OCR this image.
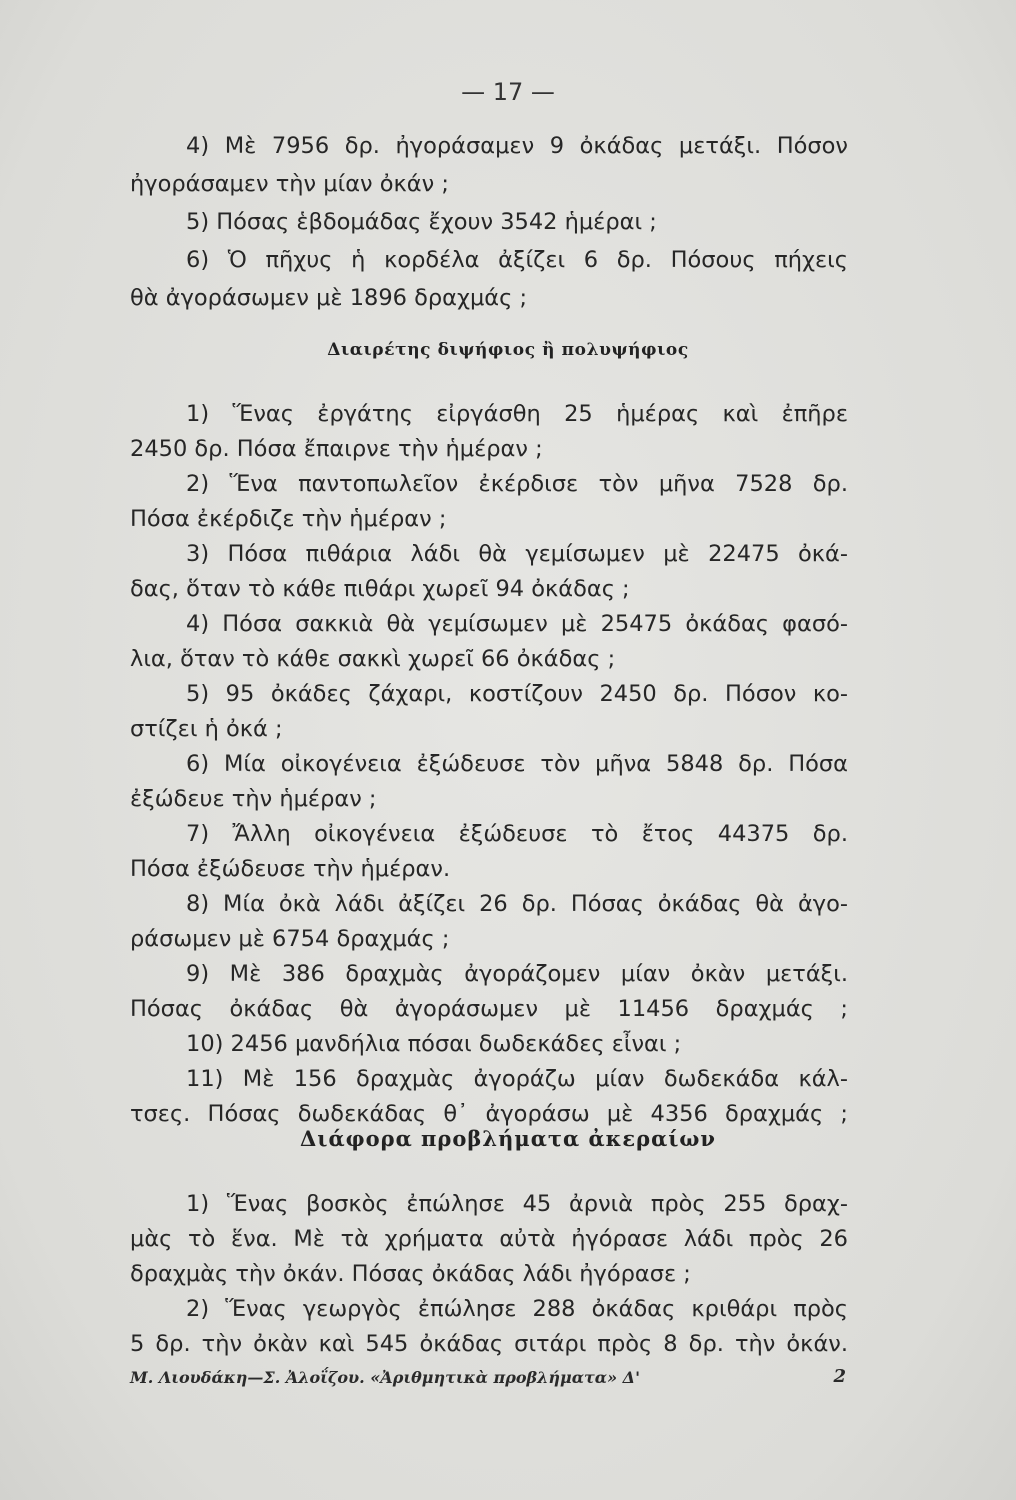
— 17 —
4) Μὲ 7956 δρ. ἠγοράσαμεν 9 ὀκάδας μετάξι. Πόσον
ἠγοράσαμεν τὴν μίαν ὀκάν ;
5) Πόσας ἑβδομάδας ἔχουν 3542 ἡμέραι ;
6) Ὁ πῆχυς ἡ κορδέλα ἀξίζει 6 δρ. Πόσους πήχεις
θὰ ἀγοράσωμεν μὲ 1896 δραχμάς ;
Διαιρέτης διψήφιος ἢ πολυψήφιος
1) Ἕνας ἐργάτης εἰργάσθη 25 ἡμέρας καὶ ἐπῆρε
2450 δρ. Πόσα ἔπαιρνε τὴν ἡμέραν ;
2) Ἕνα παντοπωλεῖον ἐκέρδισε τὸν μῆνα 7528 δρ.
Πόσα ἐκέρδιζε τὴν ἡμέραν ;
3) Πόσα πιθάρια λάδι θὰ γεμίσωμεν μὲ 22475 ὀκά-
δας, ὅταν τὸ κάθε πιθάρι χωρεῖ 94 ὀκάδας ;
4) Πόσα σακκιὰ θὰ γεμίσωμεν μὲ 25475 ὀκάδας φασό-
λια, ὅταν τὸ κάθε σακκὶ χωρεῖ 66 ὀκάδας ;
5) 95 ὀκάδες ζάχαρι, κοστίζουν 2450 δρ. Πόσον κο-
στίζει ἡ ὀκά ;
6) Μία οἰκογένεια ἐξώδευσε τὸν μῆνα 5848 δρ. Πόσα
ἐξώδευε τὴν ἡμέραν ;
7) Ἄλλη οἰκογένεια ἐξώδευσε τὸ ἔτος 44375 δρ.
Πόσα ἐξώδευσε τὴν ἡμέραν.
8) Μία ὀκὰ λάδι ἀξίζει 26 δρ. Πόσας ὀκάδας θὰ ἀγο-
ράσωμεν μὲ 6754 δραχμάς ;
9) Μὲ 386 δραχμὰς ἀγοράζομεν μίαν ὀκὰν μετάξι.
Πόσας ὀκάδας θὰ ἀγοράσωμεν μὲ 11456 δραχμάς ;
10) 2456 μανδήλια πόσαι δωδεκάδες εἶναι ;
11) Μὲ 156 δραχμὰς ἀγοράζω μίαν δωδεκάδα κάλ-
τσες. Πόσας δωδεκάδας θ᾽ ἀγοράσω μὲ 4356 δραχμάς ;
Διάφορα προβλήματα ἀκεραίων
1) Ἕνας βοσκὸς ἐπώλησε 45 ἀρνιὰ πρὸς 255 δραχ-
μὰς τὸ ἕνα. Μὲ τὰ χρήματα αὐτὰ ἠγόρασε λάδι πρὸς 26
δραχμὰς τὴν ὀκάν. Πόσας ὀκάδας λάδι ἠγόρασε ;
2) Ἕνας γεωργὸς ἐπώλησε 288 ὀκάδας κριθάρι πρὸς
5 δρ. τὴν ὀκὰν καὶ 545 ὀκάδας σιτάρι πρὸς 8 δρ. τὴν ὀκάν.
Μ. Λιουδάκη—Σ. Ἀλοΐζου. «Ἀριθμητικὰ προβλήματα» Δ'	2
